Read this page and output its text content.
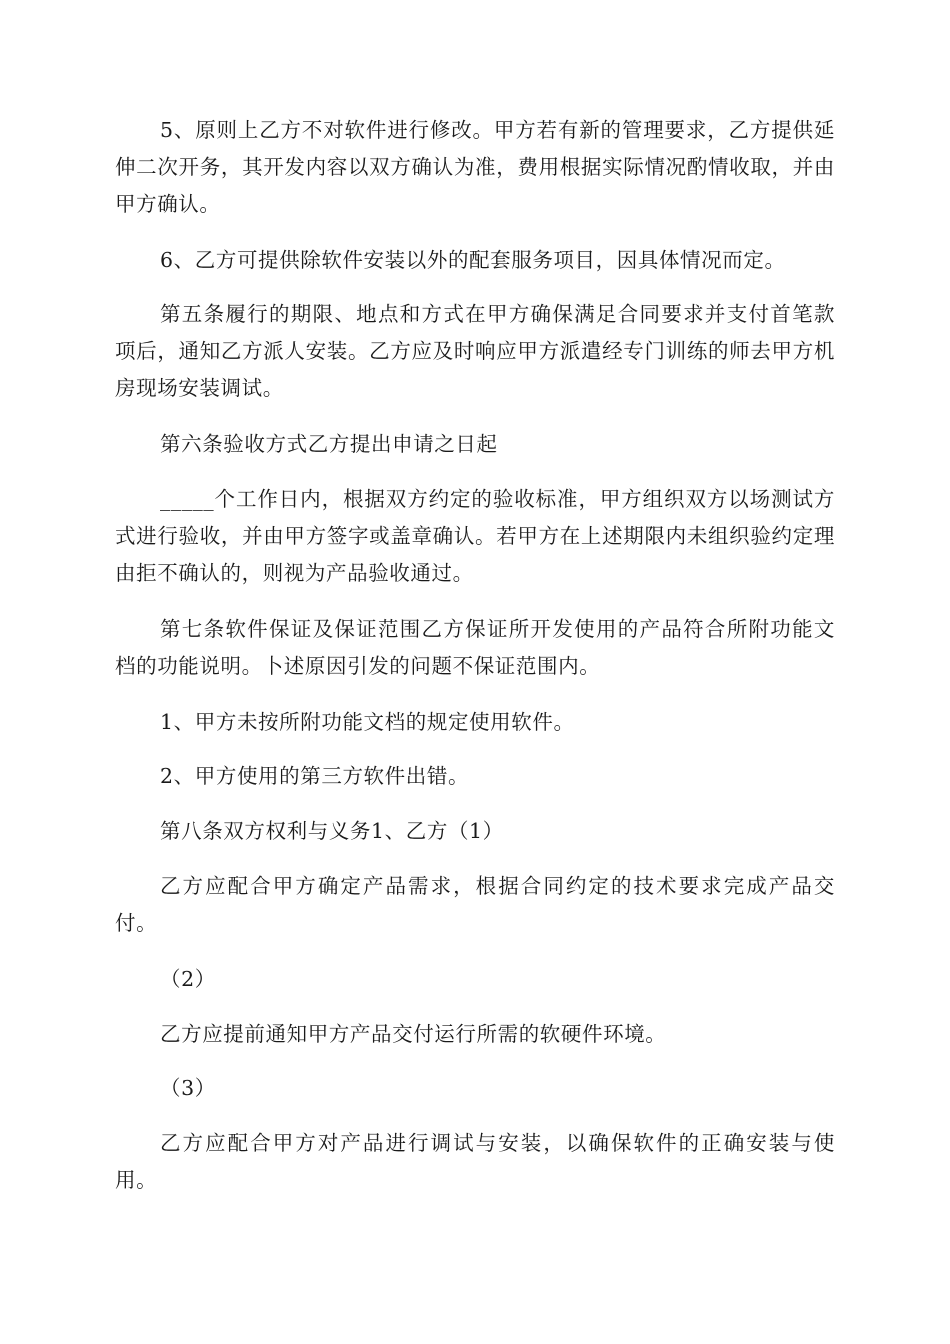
5、原则上乙方不对软件进行修改。甲方若有新的管理要求，乙方提供延伸二次开务，其开发内容以双方确认为准，费用根据实际情况酌情收取，并由甲方确认。

6、乙方可提供除软件安装以外的配套服务项目，因具体情况而定。

第五条履行的期限、地点和方式在甲方确保满足合同要求并支付首笔款项后，通知乙方派人安装。乙方应及时响应甲方派遣经专门训练的师去甲方机房现场安装调试。

第六条验收方式乙方提出申请之日起

_____个工作日内，根据双方约定的验收标准，甲方组织双方以场测试方式进行验收，并由甲方签字或盖章确认。若甲方在上述期限内未组织验约定理由拒不确认的，则视为产品验收通过。

第七条软件保证及保证范围乙方保证所开发使用的产品符合所附功能文档的功能说明。卜述原因引发的问题不保证范围内。

1、甲方未按所附功能文档的规定使用软件。

2、甲方使用的第三方软件出错。

第八条双方权利与义务1、乙方（1）

乙方应配合甲方确定产品需求，根据合同约定的技术要求完成产品交付。

（2）

乙方应提前通知甲方产品交付运行所需的软硬件环境。

（3）

乙方应配合甲方对产品进行调试与安装，以确保软件的正确安装与使用。
